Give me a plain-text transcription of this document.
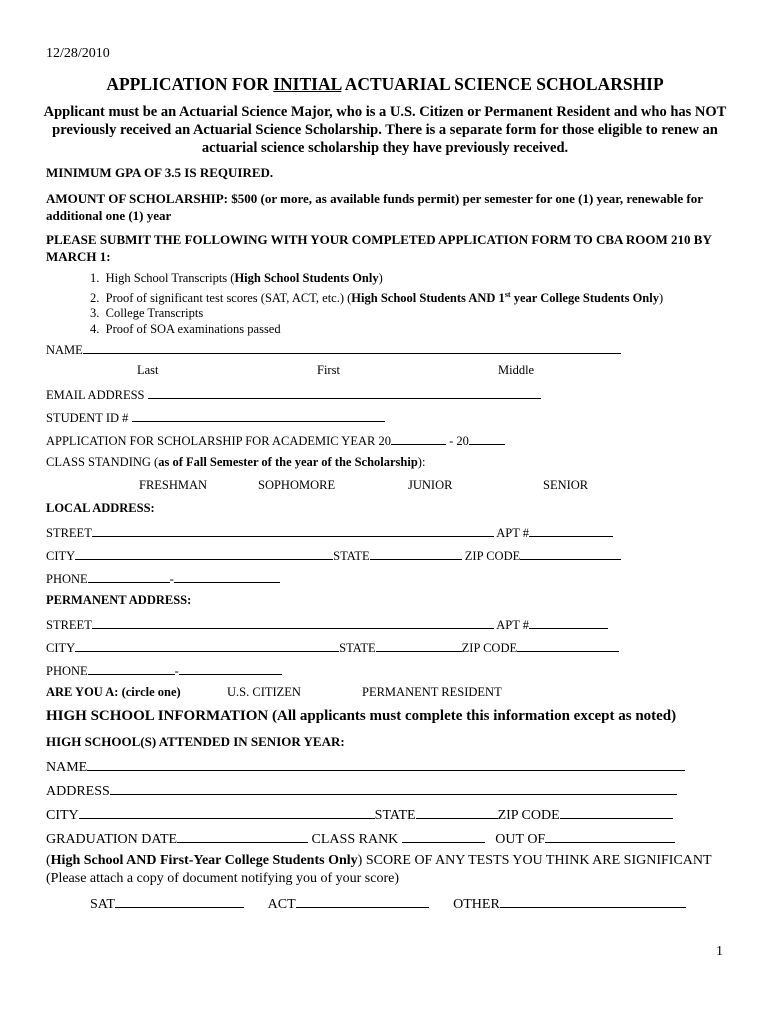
12/28/2010
APPLICATION FOR INITIAL ACTUARIAL SCIENCE SCHOLARSHIP
Applicant must be an Actuarial Science Major, who is a U.S. Citizen or Permanent Resident and who has NOT previously received an Actuarial Science Scholarship. There is a separate form for those eligible to renew an actuarial science scholarship they have previously received.
MINIMUM GPA OF 3.5 IS REQUIRED.
AMOUNT OF SCHOLARSHIP: $500 (or more, as available funds permit) per semester for one (1) year, renewable for additional one (1) year
PLEASE SUBMIT THE FOLLOWING WITH YOUR COMPLETED APPLICATION FORM TO CBA ROOM 210 BY MARCH 1:
1. High School Transcripts (High School Students Only)
2. Proof of significant test scores (SAT, ACT, etc.) (High School Students AND 1st year College Students Only)
3. College Transcripts
4. Proof of SOA examinations passed
NAME
Last	First	Middle
EMAIL ADDRESS
STUDENT ID #
APPLICATION FOR SCHOLARSHIP FOR ACADEMIC YEAR 20	- 20
CLASS STANDING (as of Fall Semester of the year of the Scholarship):
FRESHMAN	SOPHOMORE	JUNIOR	SENIOR
LOCAL ADDRESS:
STREET	APT #
CITY	STATE	ZIP CODE
PHONE	-
PERMANENT ADDRESS:
STREET	APT #
CITY	STATE	ZIP CODE
PHONE	-
ARE YOU A: (circle one)	U.S. CITIZEN	PERMANENT RESIDENT
HIGH SCHOOL INFORMATION (All applicants must complete this information except as noted)
HIGH SCHOOL(S) ATTENDED IN SENIOR YEAR:
NAME
ADDRESS
CITY	STATE	ZIP CODE
GRADUATION DATE	CLASS RANK	OUT OF
(High School AND First-Year College Students Only) SCORE OF ANY TESTS YOU THINK ARE SIGNIFICANT
(Please attach a copy of document notifying you of your score)
SAT	ACT	OTHER
1
